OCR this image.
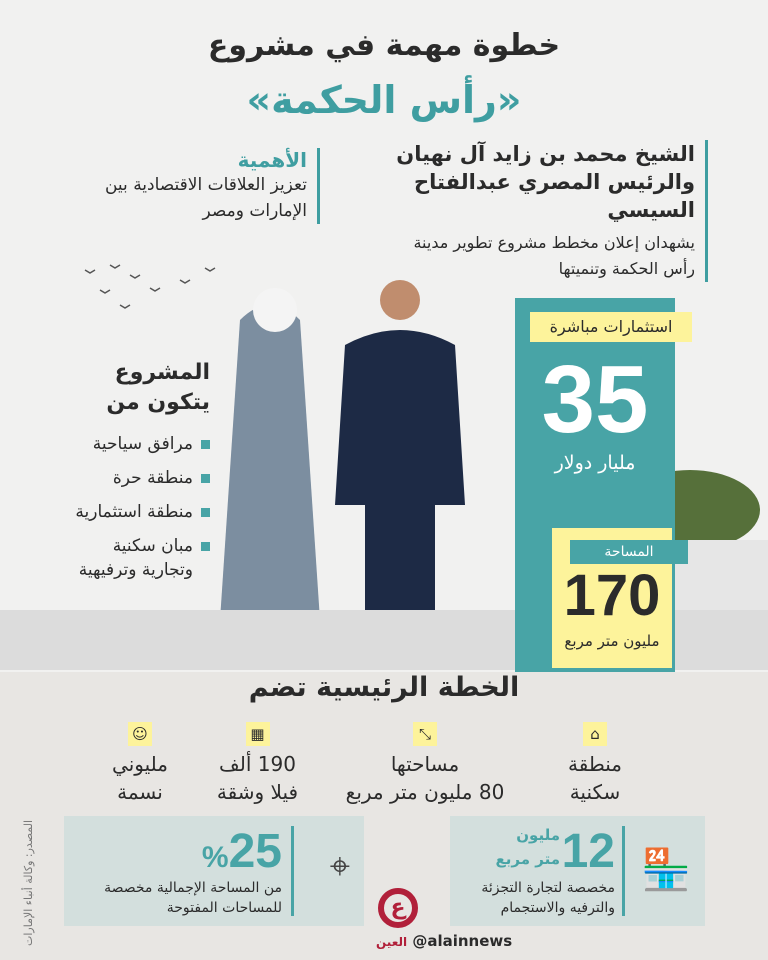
خطوة مهمة في مشروع
«رأس الحكمة»
الشيخ محمد بن زايد آل نهيان والرئيس المصري عبدالفتاح السيسي
يشهدان إعلان مخطط مشروع تطوير مدينة رأس الحكمة وتنميتها
الأهمية
تعزيز العلاقات الاقتصادية بين الإمارات ومصر
استثمارات مباشرة
35
مليار دولار
المساحة
170
مليون متر مربع
المشروع يتكون من
مرافق سياحية
منطقة حرة
منطقة استثمارية
مبان سكنية وتجارية وترفيهية
الخطة الرئيسية تضم
⌂
منطقة
سكنية
⤡
مساحتها
80 مليون متر مربع
▦
190 ألف
فيلا وشقة
☺
مليوني
نسمة
🏪
12
مليون
متر مربع
مخصصة لتجارة التجزئة والترفيه والاستجمام
⌖
%25
من المساحة الإجمالية مخصصة للمساحات المفتوحة
المصدر: وكالة أنباء الإمارات	ع
العين @alainnews
